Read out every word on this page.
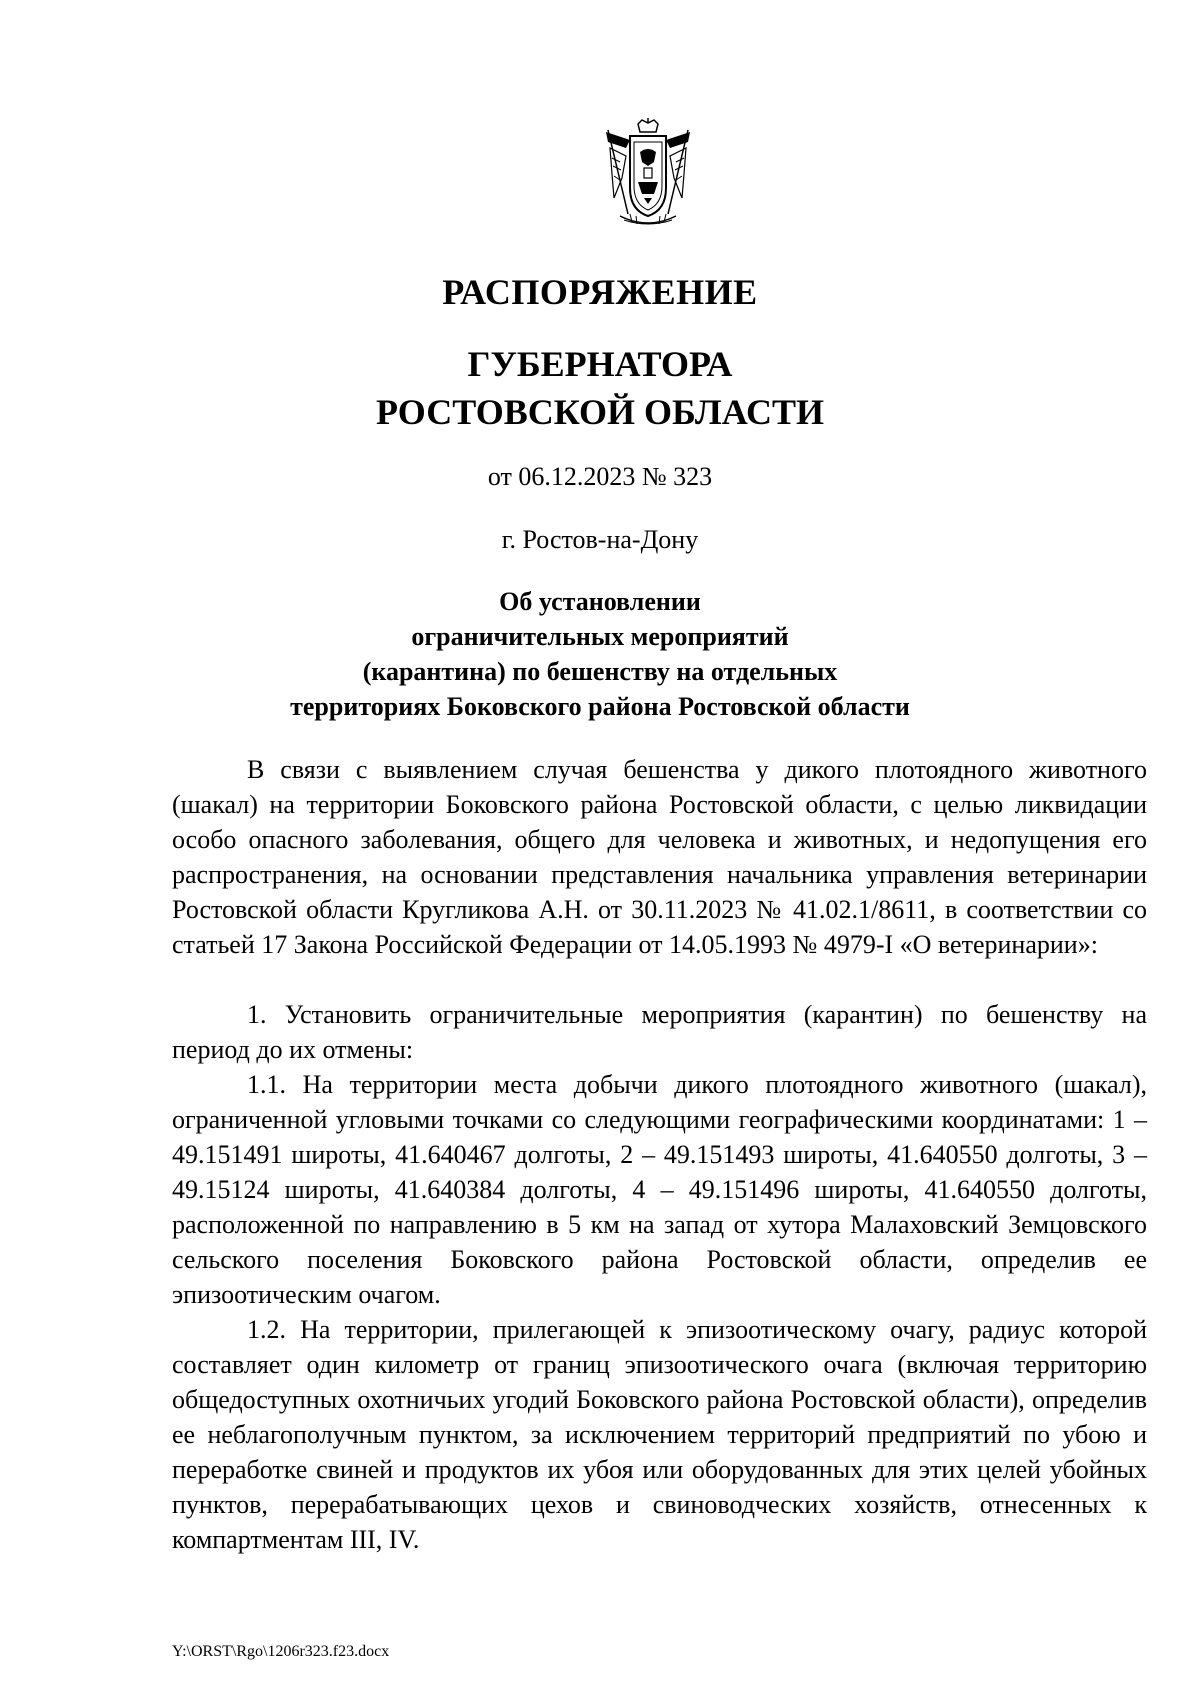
РАСПОРЯЖЕНИЕ
ГУБЕРНАТОРА
РОСТОВСКОЙ ОБЛАСТИ
от 06.12.2023 № 323
г. Ростов-на-Дону
Об установлении
ограничительных мероприятий
(карантина) по бешенству на отдельных
территориях Боковского района Ростовской области

В связи с выявлением случая бешенства у дикого плотоядного животного (шакал) на территории Боковского района Ростовской области, с целью ликвидации особо опасного заболевания, общего для человека и животных, и недопущения его распространения, на основании представления начальника управления ветеринарии Ростовской области Кругликова А.Н. от 30.11.2023 № 41.02.1/8611, в соответствии со статьей 17 Закона Российской Федерации от 14.05.1993 № 4979-I «О ветеринарии»:

1. Установить ограничительные мероприятия (карантин) по бешенству на период до их отмены:

1.1. На территории места добычи дикого плотоядного животного (шакал), ограниченной угловыми точками со следующими географическими координатами: 1 – 49.151491 широты, 41.640467 долготы, 2 – 49.151493 широты, 41.640550 долготы, 3 – 49.15124 широты, 41.640384 долготы, 4 – 49.151496 широты, 41.640550 долготы, расположенной по направлению в 5 км на запад от хутора Малаховский Земцовского сельского поселения Боковского района Ростовской области, определив ее эпизоотическим очагом.

1.2. На территории, прилегающей к эпизоотическому очагу, радиус которой составляет один километр от границ эпизоотического очага (включая территорию общедоступных охотничьих угодий Боковского района Ростовской области), определив ее неблагополучным пунктом, за исключением территорий предприятий по убою и переработке свиней и продуктов их убоя или оборудованных для этих целей убойных пунктов, перерабатывающих цехов и свиноводческих хозяйств, отнесенных к компартментам III, IV.

Y:\ORST\Rgo\1206r323.f23.docx
